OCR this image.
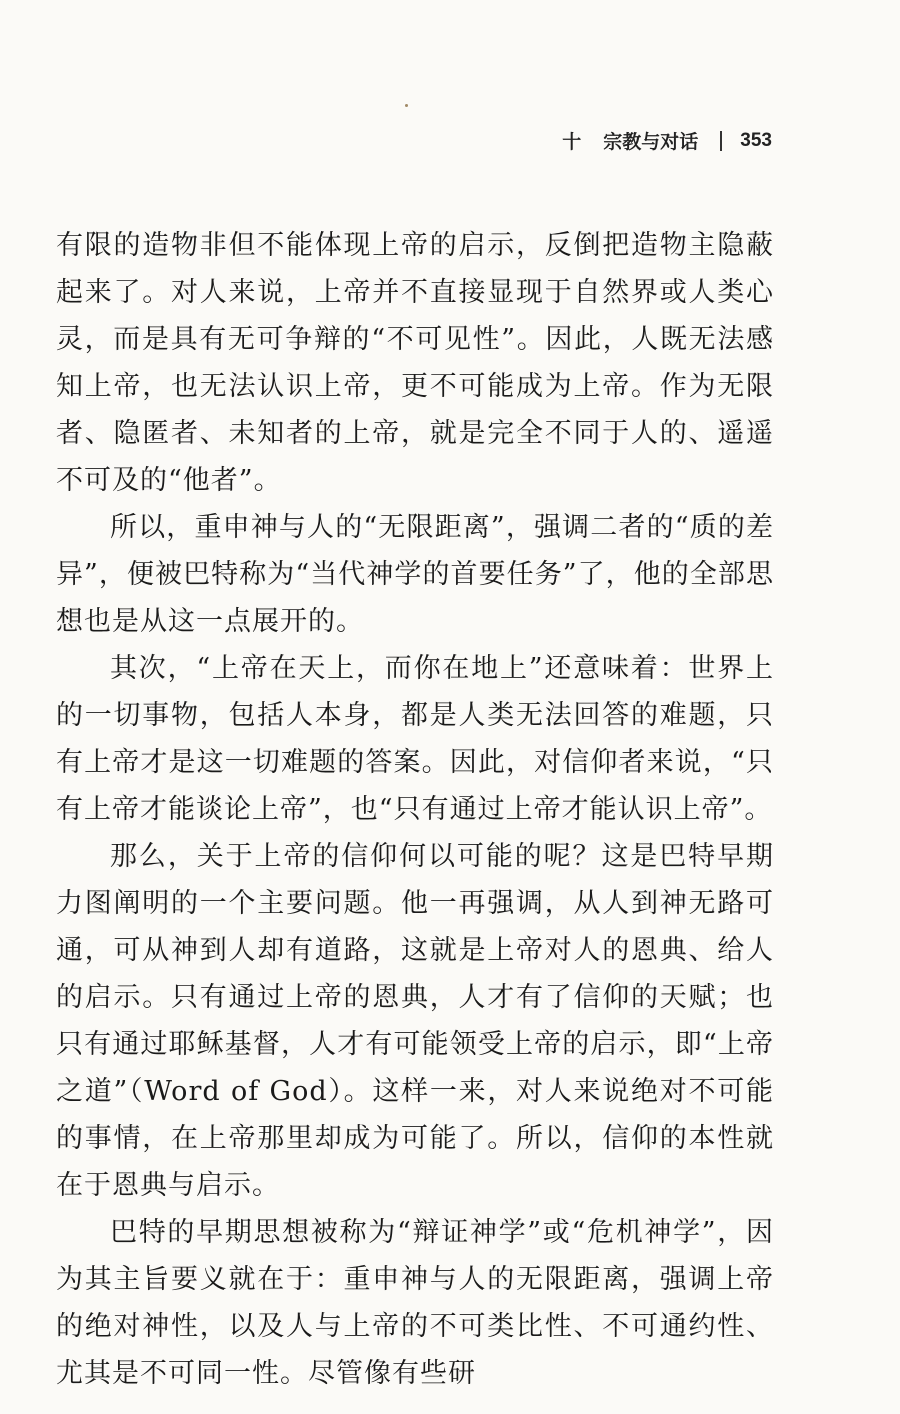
十 宗教与对话 353

有限的造物非但不能体现上帝的启示，反倒把造物主隐蔽起来了。对人来说，上帝并不直接显现于自然界或人类心灵，而是具有无可争辩的“不可见性”。因此，人既无法感知上帝，也无法认识上帝，更不可能成为上帝。作为无限者、隐匿者、未知者的上帝，就是完全不同于人的、遥遥不可及的“他者”。

所以，重申神与人的“无限距离”，强调二者的“质的差异”，便被巴特称为“当代神学的首要任务”了，他的全部思想也是从这一点展开的。

其次，“上帝在天上，而你在地上”还意味着：世界上的一切事物，包括人本身，都是人类无法回答的难题，只有上帝才是这一切难题的答案。因此，对信仰者来说，“只有上帝才能谈论上帝”，也“只有通过上帝才能认识上帝”。

那么，关于上帝的信仰何以可能的呢？这是巴特早期力图阐明的一个主要问题。他一再强调，从人到神无路可通，可从神到人却有道路，这就是上帝对人的恩典、给人的启示。只有通过上帝的恩典，人才有了信仰的天赋；也只有通过耶稣基督，人才有可能领受上帝的启示，即“上帝之道”（Word of God）。这样一来，对人来说绝对不可能的事情，在上帝那里却成为可能了。所以，信仰的本性就在于恩典与启示。

巴特的早期思想被称为“辩证神学”或“危机神学”，因为其主旨要义就在于：重申神与人的无限距离，强调上帝的绝对神性，以及人与上帝的不可类比性、不可通约性、尤其是不可同一性。尽管像有些研
